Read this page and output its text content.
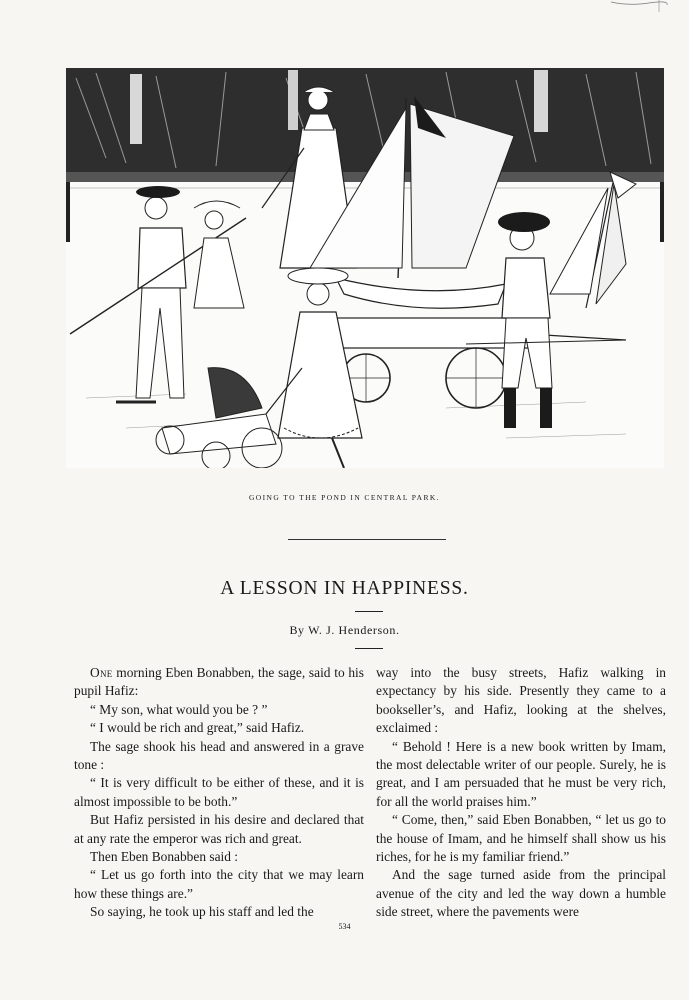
GOING TO THE POND IN CENTRAL PARK.
A LESSON IN HAPPINESS.
By W. J. Henderson.

One morning Eben Bonabben, the sage, said to his pupil Hafiz:

“ My son, what would you be ? ”

“ I would be rich and great,” said Hafiz.

The sage shook his head and answered in a grave tone :

“ It is very difficult to be either of these, and it is almost impossible to be both.”

But Hafiz persisted in his desire and declared that at any rate the emperor was rich and great.

Then Eben Bonabben said :

“ Let us go forth into the city that we may learn how these things are.”

So saying, he took up his staff and led the

way into the busy streets, Hafiz walking in expectancy by his side. Presently they came to a bookseller’s, and Hafiz, looking at the shelves, exclaimed :

“ Behold ! Here is a new book written by Imam, the most delectable writer of our people. Surely, he is great, and I am persuaded that he must be very rich, for all the world praises him.”

“ Come, then,” said Eben Bonabben, “ let us go to the house of Imam, and he himself shall show us his riches, for he is my familiar friend.”

And the sage turned aside from the principal avenue of the city and led the way down a humble side street, where the pavements were

534
